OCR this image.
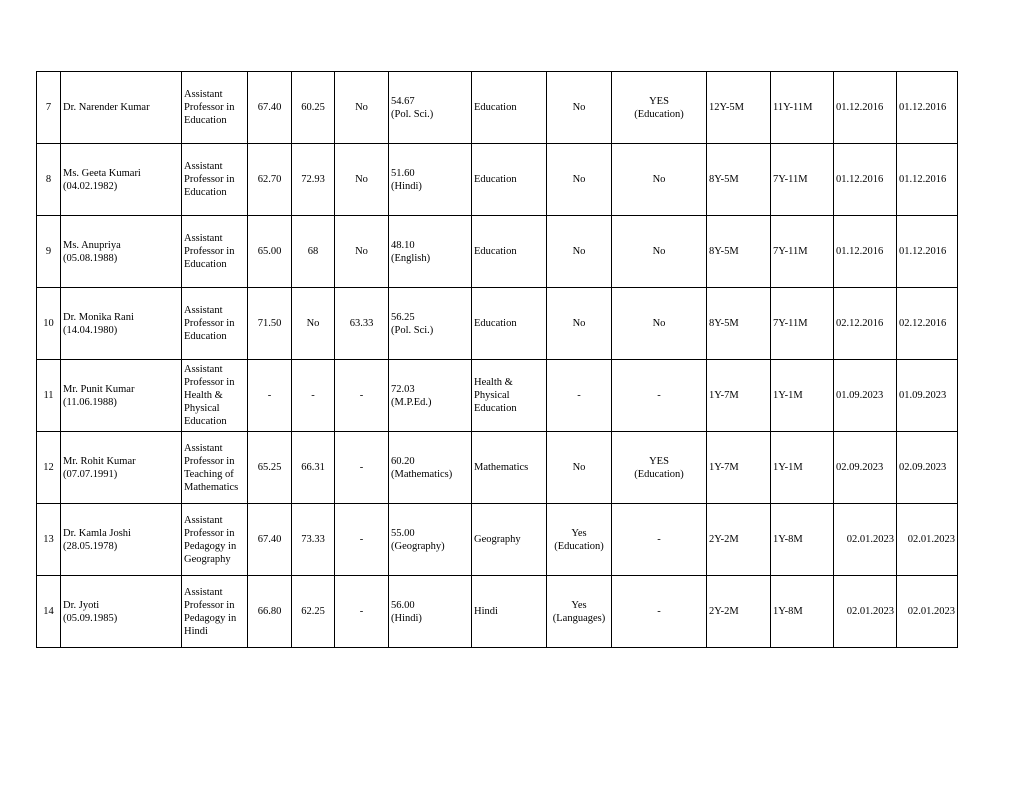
7	Dr. Narender Kumar	Assistant
Professor in
Education	67.40	60.25	No	54.67
(Pol. Sci.)	Education	No	YES
(Education)	12Y-5M	11Y-11M	01.12.2016	01.12.2016
8	Ms. Geeta Kumari
(04.02.1982)	Assistant
Professor in
Education	62.70	72.93	No	51.60
(Hindi)	Education	No	No	8Y-5M	7Y-11M	01.12.2016	01.12.2016
9	Ms. Anupriya
(05.08.1988)	Assistant
Professor in
Education	65.00	68	No	48.10
(English)	Education	No	No	8Y-5M	7Y-11M	01.12.2016	01.12.2016
10	Dr. Monika Rani
(14.04.1980)	Assistant
Professor in
Education	71.50	No	63.33	56.25
(Pol. Sci.)	Education	No	No	8Y-5M	7Y-11M	02.12.2016	02.12.2016
11	Mr. Punit Kumar
(11.06.1988)	Assistant
Professor in
Health &
Physical
Education	-	-	-	72.03
(M.P.Ed.)	Health &
Physical
Education	-	-	1Y-7M	1Y-1M	01.09.2023	01.09.2023
12	Mr. Rohit Kumar
(07.07.1991)	Assistant
Professor in
Teaching of
Mathematics	65.25	66.31	-	60.20
(Mathematics)	Mathematics	No	YES
(Education)	1Y-7M	1Y-1M	02.09.2023	02.09.2023
13	Dr. Kamla Joshi
(28.05.1978)	Assistant
Professor in
Pedagogy in
Geography	67.40	73.33	-	55.00
(Geography)	Geography	Yes
(Education)	-	2Y-2M	1Y-8M	02.01.2023	02.01.2023
14	Dr. Jyoti
(05.09.1985)	Assistant
Professor in
Pedagogy in
Hindi	66.80	62.25	-	56.00
(Hindi)	Hindi	Yes
(Languages)	-	2Y-2M	1Y-8M	02.01.2023	02.01.2023
